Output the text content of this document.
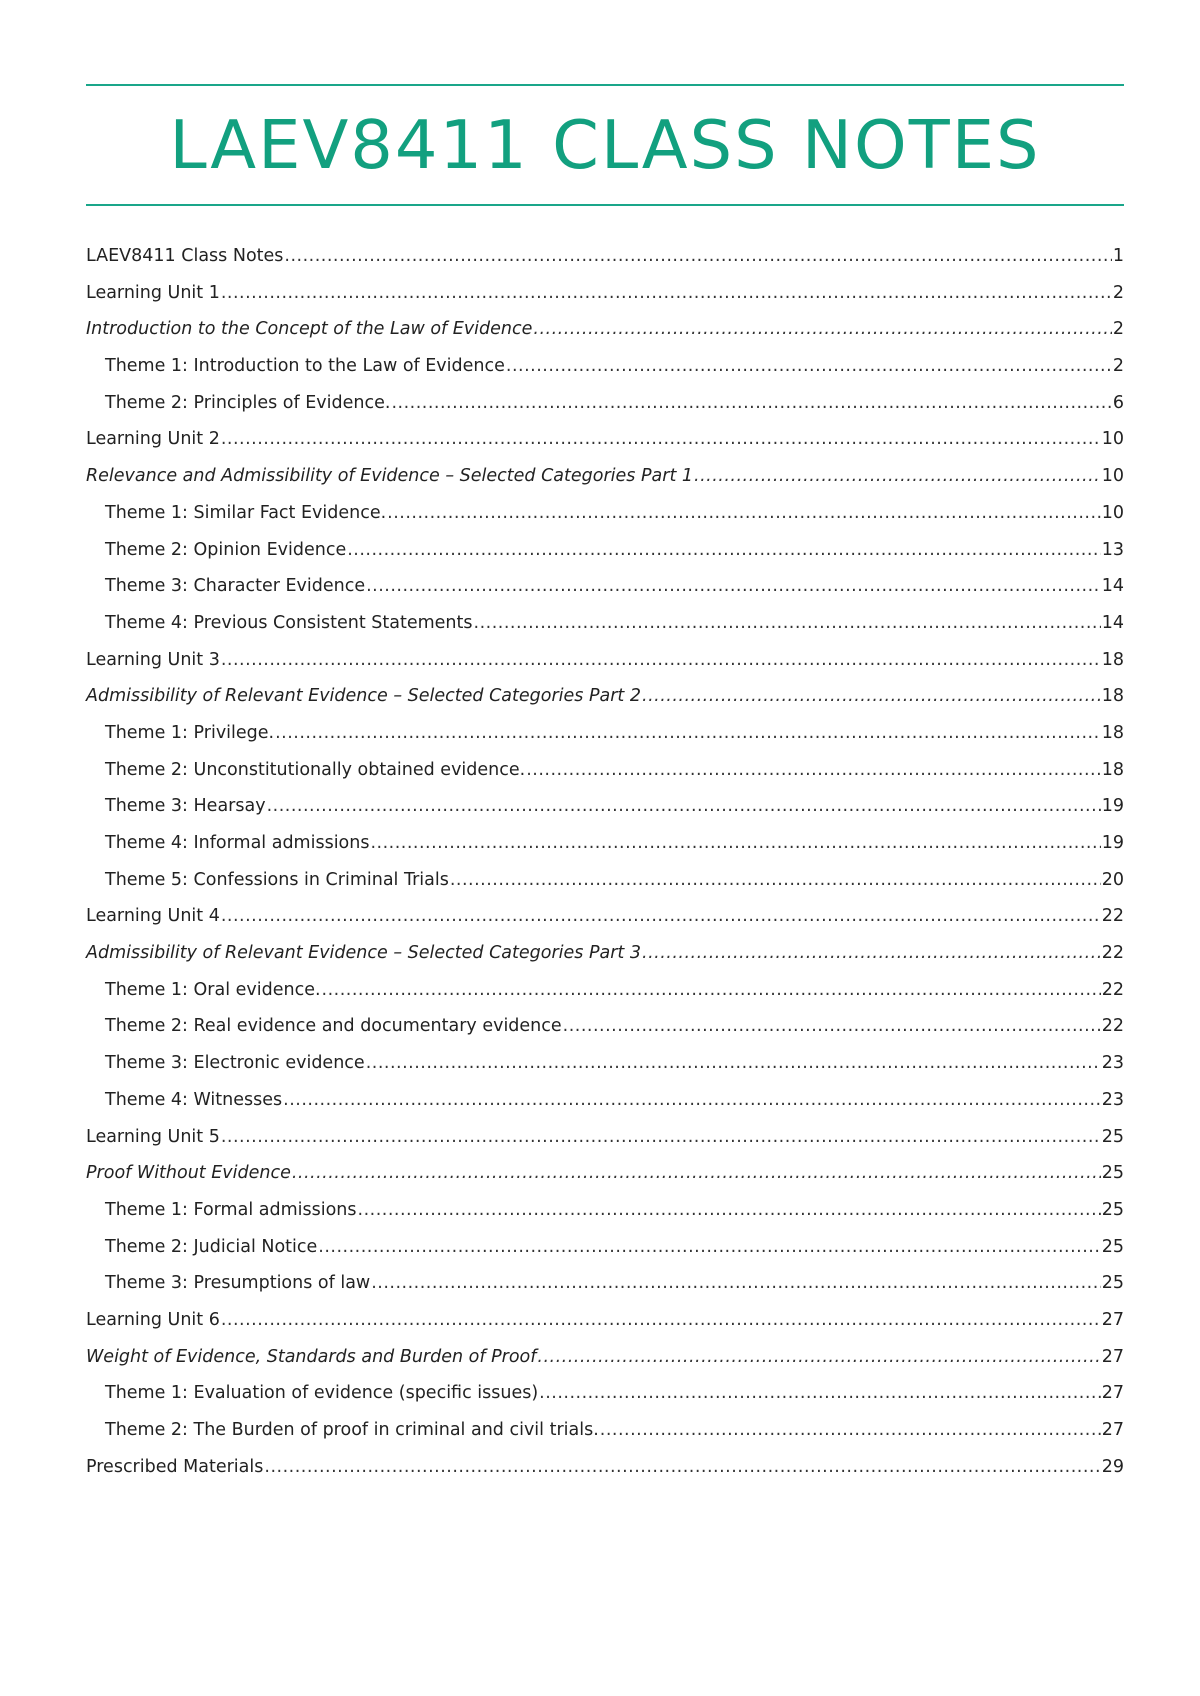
LAEV8411 CLASS NOTES
LAEV8411 Class Notes .....	1
Learning Unit 1 .....	2
Introduction to the Concept of the Law of Evidence .....	2
Theme 1: Introduction to the Law of Evidence .....	2
Theme 2: Principles of Evidence. .....	6
Learning Unit 2 .....	10
Relevance and Admissibility of Evidence – Selected Categories Part 1 .....	10
Theme 1: Similar Fact Evidence. .....	10
Theme 2: Opinion Evidence .....	13
Theme 3: Character Evidence .....	14
Theme 4: Previous Consistent Statements .....	14
Learning Unit 3 .....	18
Admissibility of Relevant Evidence – Selected Categories Part 2 .....	18
Theme 1: Privilege. .....	18
Theme 2: Unconstitutionally obtained evidence. .....	18
Theme 3: Hearsay .....	19
Theme 4: Informal admissions .....	19
Theme 5: Confessions in Criminal Trials .....	20
Learning Unit 4 .....	22
Admissibility of Relevant Evidence – Selected Categories Part 3 .....	22
Theme 1: Oral evidence. .....	22
Theme 2: Real evidence and documentary evidence .....	22
Theme 3: Electronic evidence .....	23
Theme 4: Witnesses .....	23
Learning Unit 5 .....	25
Proof Without Evidence .....	25
Theme 1: Formal admissions .....	25
Theme 2: Judicial Notice .....	25
Theme 3: Presumptions of law .....	25
Learning Unit 6 .....	27
Weight of Evidence, Standards and Burden of Proof .....	27
Theme 1: Evaluation of evidence (specific issues) .....	27
Theme 2: The Burden of proof in criminal and civil trials. .....	27
Prescribed Materials .....	29
